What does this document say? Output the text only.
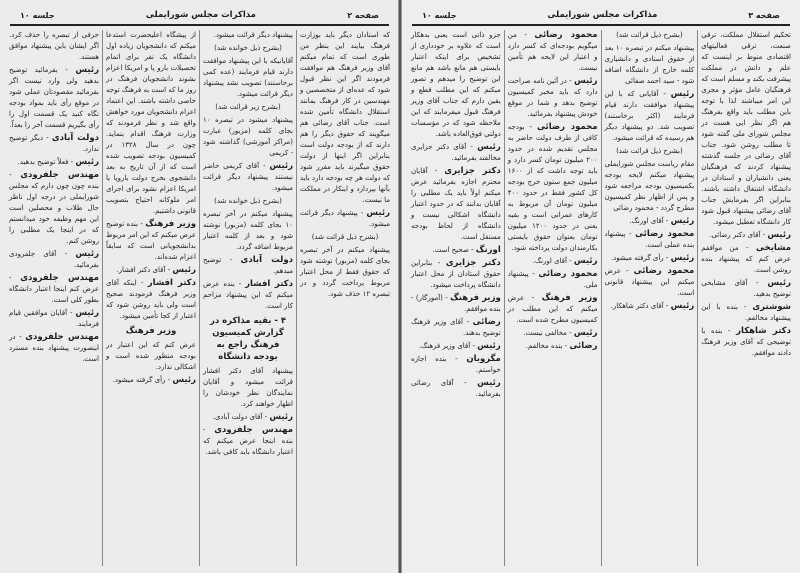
صفحه ۲
مذاکرات مجلس شورایملی
جلسه ۱۰
که استادان دیگر باید بوزارت فرهنگ بیایند این بنظر من طوری است که تمام میکنم آقای وزیر فرهنگ هم موافقت فرمودند اگر این نظر قبول شود که عده‌ای از متخصصین و مهندسین در کار فرهنگ بمانند استقلال دانشگاه تأمین شده است. جناب آقای رضائی هم میگویند که حقوق دیگر را هم دارند که از بودجه دولت است بنابراین اگر اینها از دولت حقوق میگیرند باید مقرر شود که دولت هر چه بودجه دارد باید بآنها بپردازد و اینکار در مملکت ما نیست.
رئیس - پیشنهاد دیگر قرائت میشود.
(بشرح ذیل قرائت شد)
پیشنهاد میکنم در آخر تبصره بجای کلمه (مزبور) نوشته شود که حقوق فقط از محل اعتبار مربوط پرداخت گردد و در تبصره ۱۲ حذف شود.
پیشنهاد دیگر قرائت میشود.
(بشرح ذیل خوانده شد)
آقایانیکه با این پیشنهاد موافقت دارند قیام فرمایند (عده کمی برخاستند) تصویب نشد پیشنهاد دیگر قرائت میشود.
(بشرح زیر قرائت شد)
پیشنهاد میشود در تبصره ۱۰ بجای کلمه (مزبور) عبارت (مراکز آموزشی) گذاشته شود - کریمی
رئیس - آقای کریمی حاضر نیستند پیشنهاد دیگر قرائت میشود.
(بشرح ذیل خوانده شد)
پیشنهاد میکنم در آخر تبصره ۱۰ بجای کلمه (مزبور) نوشته شود و بعد از کلمه اعتبار مربوط اضافه گردد.
دولت آبادی - توضیح میدهم.
دکتر افشار - بنده عرض میکنم که این پیشنهاد مزاحم کار است.
۴ - بقیه مذاکره در گزارش کمیسیون فرهنگ راجع به بودجه دانشگاه
پیشنهاد آقای دکتر افشار قرائت میشود و آقایان نمایندگان نظر خودشان را اظهار خواهند کرد.
رئیس - آقای دولت آبادی.
مهندس جلفرودی - بنده اینجا عرض میکنم که اعتبار دانشگاه باید کافی باشد.
از پیشگاه اعلیحضرت استدعا میکنم که دانشجویان زیاده اول دانشگاه یک نفر برای اتمام تحصیلات بارو پا و امریکا اعزام بشوند دانشجویان فرهنگ در روز ما که است به فرهنگ توجه خاصی داشته باشند. این اعتماد اعزام دانشجویان مورد خواهش واقع شد و نظر فرمودند که وزارت فرهنگ اقدام بنماید. چون در سال ۱۳۲۸ در کمیسیون بودجه تصویب شده است که از آن تاریخ به بعد دانشجوی بخرج دولت باروپا یا امریکا اعزام نشود برای اجرای امر ملوکانه احتیاج بتصویب قانونی داشتیم.
وزیر فرهنگ - بنده توضیح عرض میکنم که این امر مربوط بدانشجویانی است که سابقاً اعزام شده‌اند.
رئیس - آقای دکتر افشار.
دکتر افشار - اینکه آقای وزیر فرهنگ فرمودند صحیح است ولی باید روشن شود که اعتبار از کجا تأمین میشود.
وزیر فرهنگ
عرض کنم که این اعتبار در بودجه منظور شده است و اشکالی ندارد.
رئیس - رأی گرفته میشود.
حرفی از تبصره را حذف کرد. اگر ایشان باین پیشنهاد موافق هستند.
رئیس - بفرمائید توضیح بدهید ولی وارد نیست اگر بفرمائید مقصودتان عملی شود در موقع رأی باید بمواد بودجه نگاه کنید یک قسمت اول را رأی بگیریم قسمت آخر را بعداً.
دولت آبادی - دیگر توضیح ندارد.
رئیس - فعلاً توضیح بدهید.
مهندس جلفرودی - بنده چون چون دارم که مجلس شورایملی در درجه اول ناظر حال طلاب و محصلین است این مهم وظیفه خود میدانستم که در اینجا یک مطلبی را روشن کنم.
رئیس - آقای جلفرودی بفرمائید.
مهندس جلفرودی - عرض کنم اینجا اعتبار دانشگاه بطور کلی است.
رئیس - آقایان موافقین قیام فرمایند.
مهندس جلفرودی - در اینصورت پیشنهاد بنده مسترد است.
صفحه ۳
مذاکرات مجلس شورایملی
جلسه ۱۰
تحکیم استقلال مملکت، ترقی صنعت، ترقی فعالیتهای اقتصادی منوط بر اینست که علم و دانش در مملکت پیشرفت بکند و مسلم است که فرهنگیان عامل مؤثر و مجری این امر میباشند لذا با توجه باین مطلب باید واقع بفرهنگ هم اگر نظر ایی هست در مجلس شورای ملی گفته شود تا مطلب روشن شود. جناب آقای رضائی در جلسه گذشته پیشنهاد کردند که فرهنگیان یعنی دانشیاران و استادان در دانشگاه اشتغال داشته باشند. بنابراین اگر بفرمایش جناب آقای رضائی پیشنهاد قبول شود کار دانشگاه تعطیل میشود.
رئیس - آقای دکتر رضائی.
مشایخی - من موافقم عرض کنم که پیشنهاد بنده روشن است.
رئیس - آقای مشایخی توضیح بدهید.
شوشتری - بنده با این پیشنهاد مخالفم.
دکتر شاهکار - بنده با توضیحی که آقای وزیر فرهنگ دادند موافقم.
(بشرح ذیل قرائت شد)
پیشنهاد میکنم در تبصره ۱۰ بعد از حقوق استادی و دانشیاری کلمه خارج از دانشگاه اضافه شود - سید احمد صفائی
رئیس - آقایانی که با این پیشنهاد موافقت دارند قیام فرمایند (اکثر برخاستند) تصویب شد. دو پیشنهاد دیگر هم رسیده که قرائت میشود.
(بشرح ذیل قرائت شد)
مقام ریاست مجلس شورایملی پیشنهاد میکنم لایحه بودجه بکمیسیون بودجه مراجعه شود و پس از اظهار نظر کمیسیون مطرح گردد - محمود رضائی
رئیس - آقای اورنگ.
محمود رضائی - پیشنهاد بنده عملی است.
رئیس - رأی گرفته میشود.
محمود رضائی - عرض میکنم این پیشنهاد قانونی است.
رئیس - آقای دکتر شاهکار.
محمود رضائی - من میگویم بودجه‌ای که کسر دارد و اعتبار این لایحه هم تأمین نیست.
رئیس - در آئین نامه صراحت دارد که باید مخبر کمیسیون توضیح بدهد و شما در موقع خودش پیشنهاد بفرمائید.
محمود رضائی - بودجه کافی از طرف دولت حاضر به مجلس تقدیم شده در حدود ۲۰۰ میلیون تومان کسر دارد و باید توجه داشت که از ۱۶۰۰ میلیون جمع ستون خرج بودجه کل کشور فقط در حدود ۴۰۰ میلیون تومان آن مربوط به کارهای عمرانی است و بقیه یعنی در حدود ۱۲۰۰ میلیون تومان بعنوان حقوق بایستی بکارمندان دولت پرداخته شود.
رئیس - آقای اورنگ.
محمود رضائی - پیشنهاد ملی.
وزیر فرهنگ - عرض میکنم که این مطلب در کمیسیون مطرح شده است.
رئیس - مخالفی نیست.
رضائی - بنده مخالفم.
جزو ذاتی است یعنی بدهکار است که علاوه بر خودداری از تشخیص برای اینکه اعتبار بایستی هم مانع باشد هم مانع این توضیح را میدهم و تصور میکنم که این مطلب قطع و یقین دارم که جناب آقای وزیر فرهنگ قبول میفرمایند که این ملاحظه شود که در مؤسسات دولتی فوق‌العاده باشد.
رئیس - آقای دکتر جزایری مخالفند بفرمائید.
دکتر جزایری - آقایان محترم اجازه بفرمائید عرض میکنم اولاً باید یک مطلبی را آقایان بدانند که در حدود اعتبار دانشگاه اشکالی نیست و دانشگاه از لحاظ بودجه مستقل است.
اورنگ - صحیح است.
دکتر جزایری - بنابراین حقوق استادان از محل اعتبار دانشگاه پرداخت میشود.
وزیر فرهنگ - (آموزگار) - بنده موافقم.
رضائی - آقای وزیر فرهنگ توضیح بدهند.
رئیس - آقای وزیر فرهنگ.
مگروبان - بنده اجازه خواستم.
رئیس - آقای رضائی بفرمائید.
